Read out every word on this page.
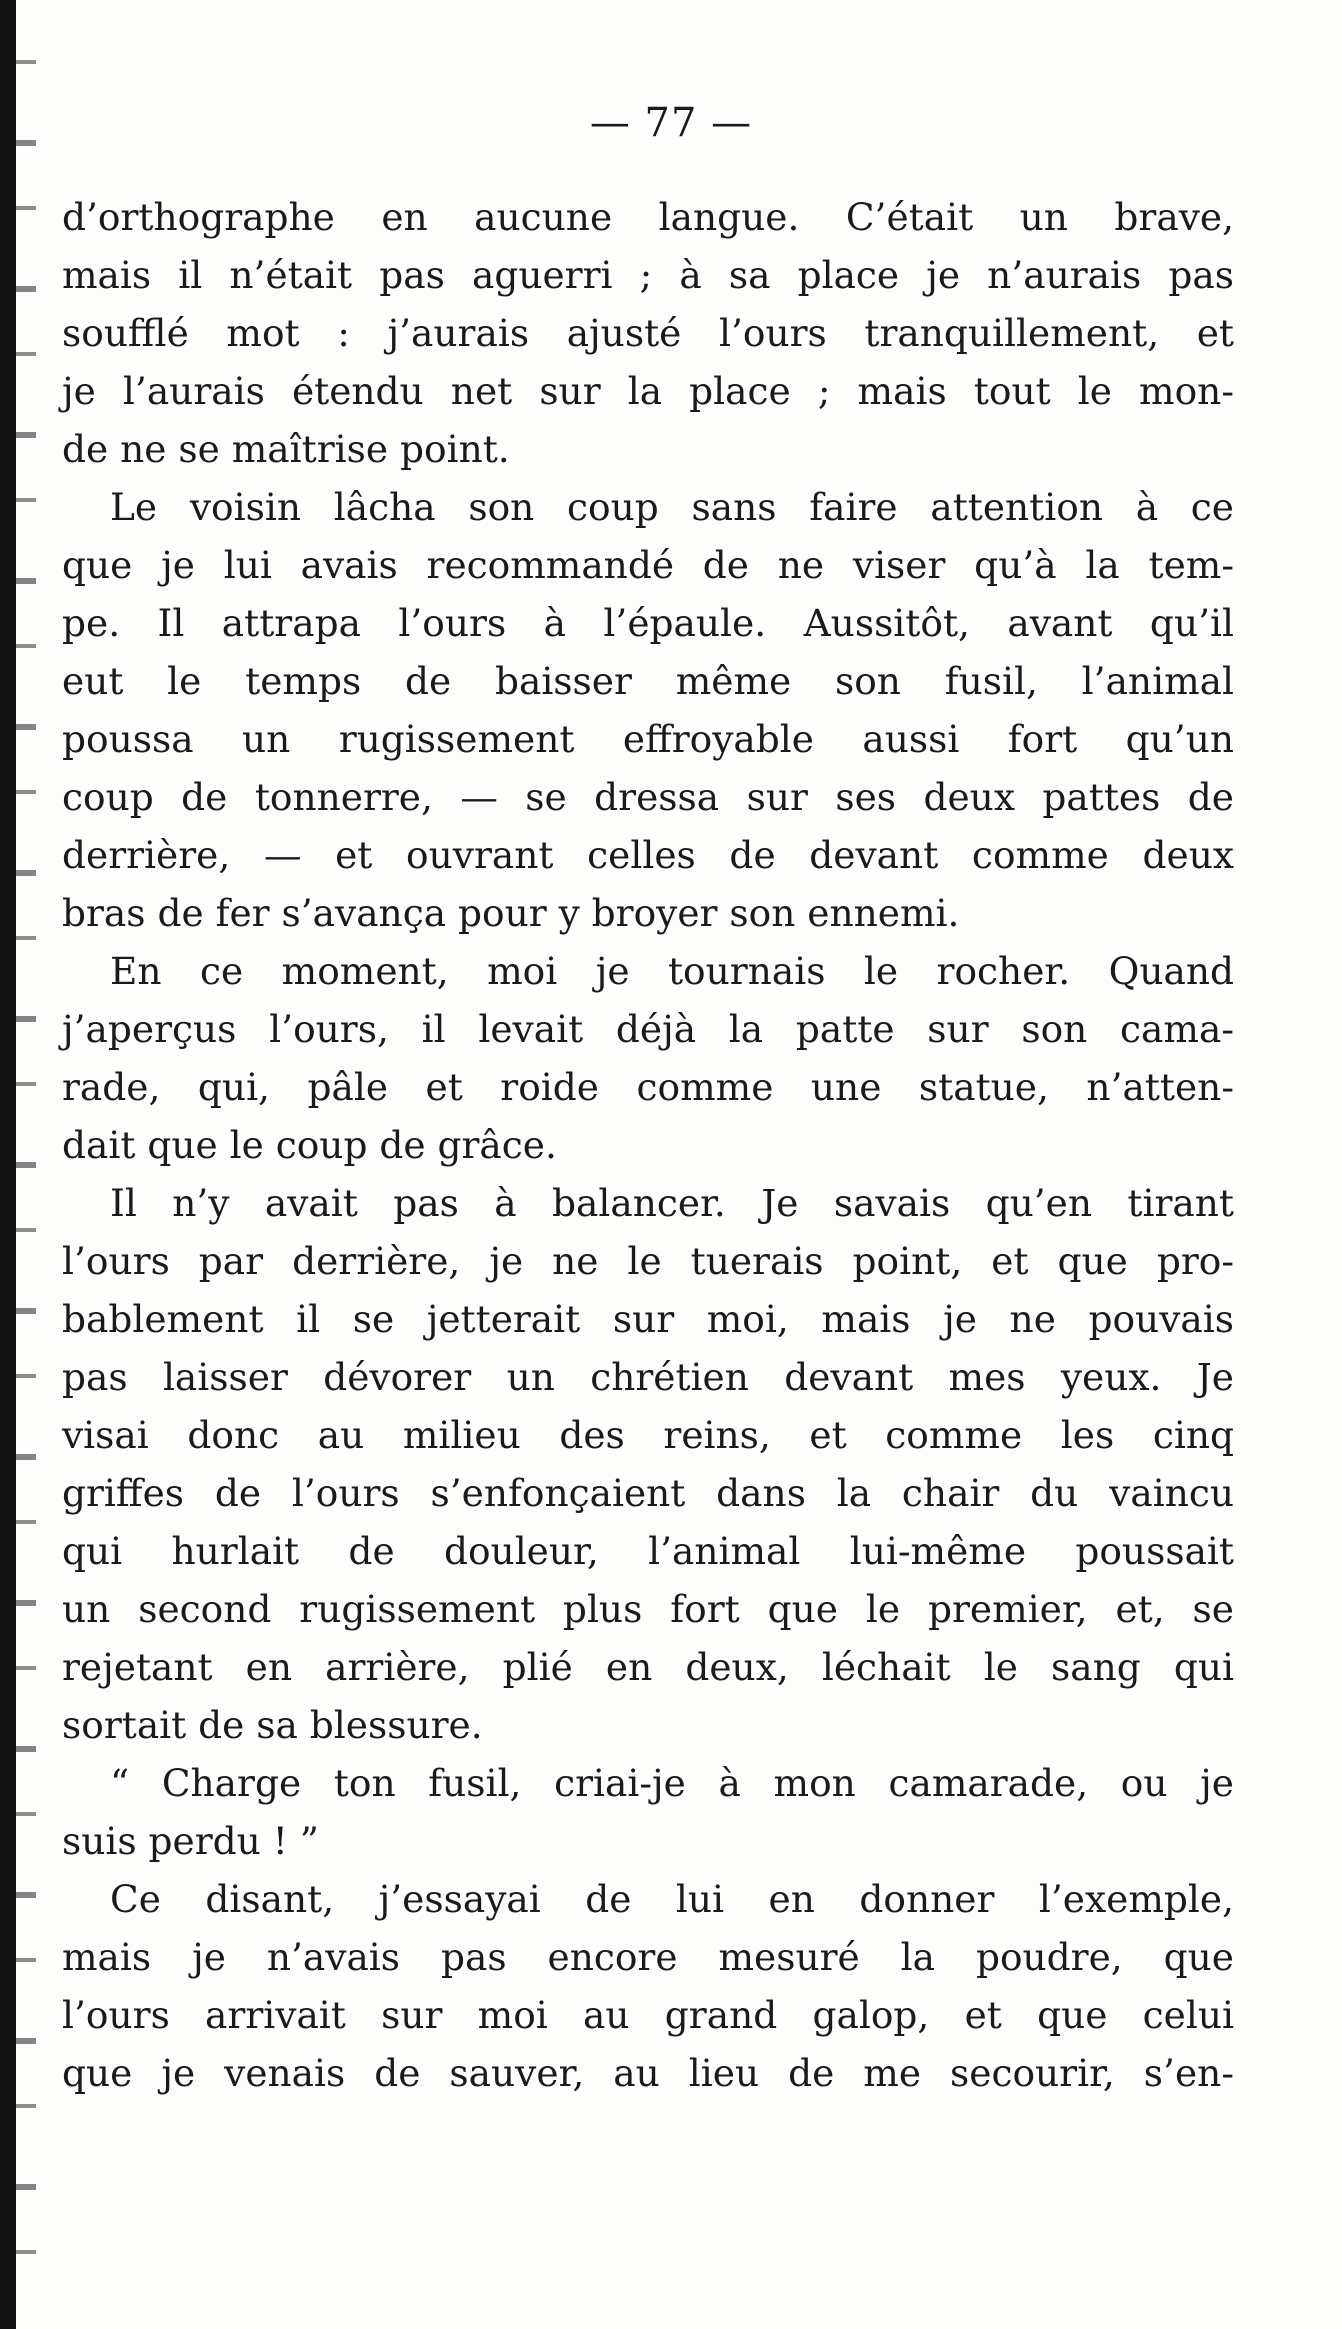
— 77 —
d’orthographe en aucune langue. C’était un brave,
mais il n’était pas aguerri ; à sa place je n’aurais pas
soufflé mot : j’aurais ajusté l’ours tranquillement, et
je l’aurais étendu net sur la place ; mais tout le mon-
de ne se maîtrise point.
Le voisin lâcha son coup sans faire attention à ce
que je lui avais recommandé de ne viser qu’à la tem-
pe. Il attrapa l’ours à l’épaule. Aussitôt, avant qu’il
eut le temps de baisser même son fusil, l’animal
poussa un rugissement effroyable aussi fort qu’un
coup de tonnerre, — se dressa sur ses deux pattes de
derrière, — et ouvrant celles de devant comme deux
bras de fer s’avança pour y broyer son ennemi.
En ce moment, moi je tournais le rocher. Quand
j’aperçus l’ours, il levait déjà la patte sur son cama-
rade, qui, pâle et roide comme une statue, n’atten-
dait que le coup de grâce.
Il n’y avait pas à balancer. Je savais qu’en tirant
l’ours par derrière, je ne le tuerais point, et que pro-
bablement il se jetterait sur moi, mais je ne pouvais
pas laisser dévorer un chrétien devant mes yeux. Je
visai donc au milieu des reins, et comme les cinq
griffes de l’ours s’enfonçaient dans la chair du vaincu
qui hurlait de douleur, l’animal lui-même poussait
un second rugissement plus fort que le premier, et, se
rejetant en arrière, plié en deux, léchait le sang qui
sortait de sa blessure.
“ Charge ton fusil, criai-je à mon camarade, ou je
suis perdu ! ”
Ce disant, j’essayai de lui en donner l’exemple,
mais je n’avais pas encore mesuré la poudre, que
l’ours arrivait sur moi au grand galop, et que celui
que je venais de sauver, au lieu de me secourir, s’en-
